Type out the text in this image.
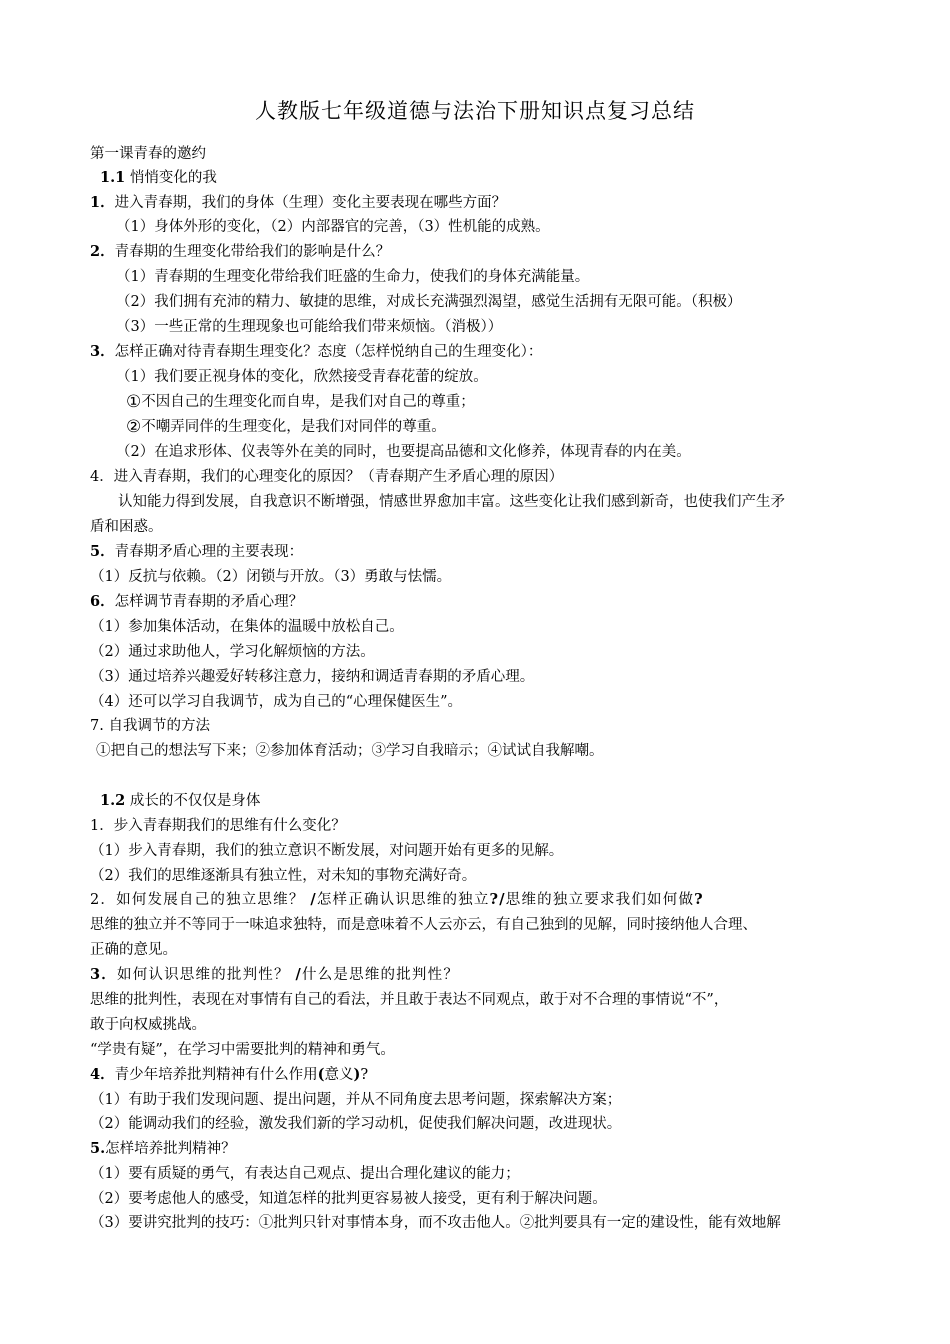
人教版七年级道德与法治下册知识点复习总结
第一课青春的邀约
1.1 悄悄变化的我
1．进入青春期，我们的身体（生理）变化主要表现在哪些方面？
（1）身体外形的变化，（2）内部器官的完善，（3）性机能的成熟。
2．青春期的生理变化带给我们的影响是什么？
（1）青春期的生理变化带给我们旺盛的生命力，使我们的身体充满能量。
（2）我们拥有充沛的精力、敏捷的思维，对成长充满强烈渴望，感觉生活拥有无限可能。（积极）
（3）一些正常的生理现象也可能给我们带来烦恼。（消极））
3．怎样正确对待青春期生理变化？态度（怎样悦纳自己的生理变化）：
（1）我们要正视身体的变化，欣然接受青春花蕾的绽放。
①不因自己的生理变化而自卑，是我们对自己的尊重；
②不嘲弄同伴的生理变化，是我们对同伴的尊重。
（2）在追求形体、仪表等外在美的同时，也要提高品德和文化修养，体现青春的内在美。
4．进入青春期，我们的心理变化的原因？（青春期产生矛盾心理的原因）
认知能力得到发展，自我意识不断增强，情感世界愈加丰富。这些变化让我们感到新奇，也使我们产生矛
盾和困惑。
5．青春期矛盾心理的主要表现：
（1）反抗与依赖。（2）闭锁与开放。（3）勇敢与怯懦。
6．怎样调节青春期的矛盾心理？
（1）参加集体活动，在集体的温暖中放松自己。
（2）通过求助他人，学习化解烦恼的方法。
（3）通过培养兴趣爱好转移注意力，接纳和调适青春期的矛盾心理。
（4）还可以学习自我调节，成为自己的“心理保健医生”。
7. 自我调节的方法
①把自己的想法写下来；②参加体育活动；③学习自我暗示；④试试自我解嘲。
1.2 成长的不仅仅是身体
1．步入青春期我们的思维有什么变化？
（1）步入青春期，我们的独立意识不断发展，对问题开始有更多的见解。
（2）我们的思维逐渐具有独立性，对未知的事物充满好奇。
2．如何发展自己的独立思维？ /怎样正确认识思维的独立?/思维的独立要求我们如何做?
思维的独立并不等同于一味追求独特，而是意味着不人云亦云，有自己独到的见解，同时接纳他人合理、
正确的意见。
3．如何认识思维的批判性？ /什么是思维的批判性？
思维的批判性，表现在对事情有自己的看法，并且敢于表达不同观点，敢于对不合理的事情说“不”，
敢于向权威挑战。
“学贵有疑”，在学习中需要批判的精神和勇气。
4．青少年培养批判精神有什么作用(意义)?
（1）有助于我们发现问题、提出问题，并从不同角度去思考问题，探索解决方案；
（2）能调动我们的经验，激发我们新的学习动机，促使我们解决问题，改进现状。
5.怎样培养批判精神？
（1）要有质疑的勇气，有表达自己观点、提出合理化建议的能力；
（2）要考虑他人的感受，知道怎样的批判更容易被人接受，更有利于解决问题。
（3）要讲究批判的技巧：①批判只针对事情本身，而不攻击他人。②批判要具有一定的建设性，能有效地解
